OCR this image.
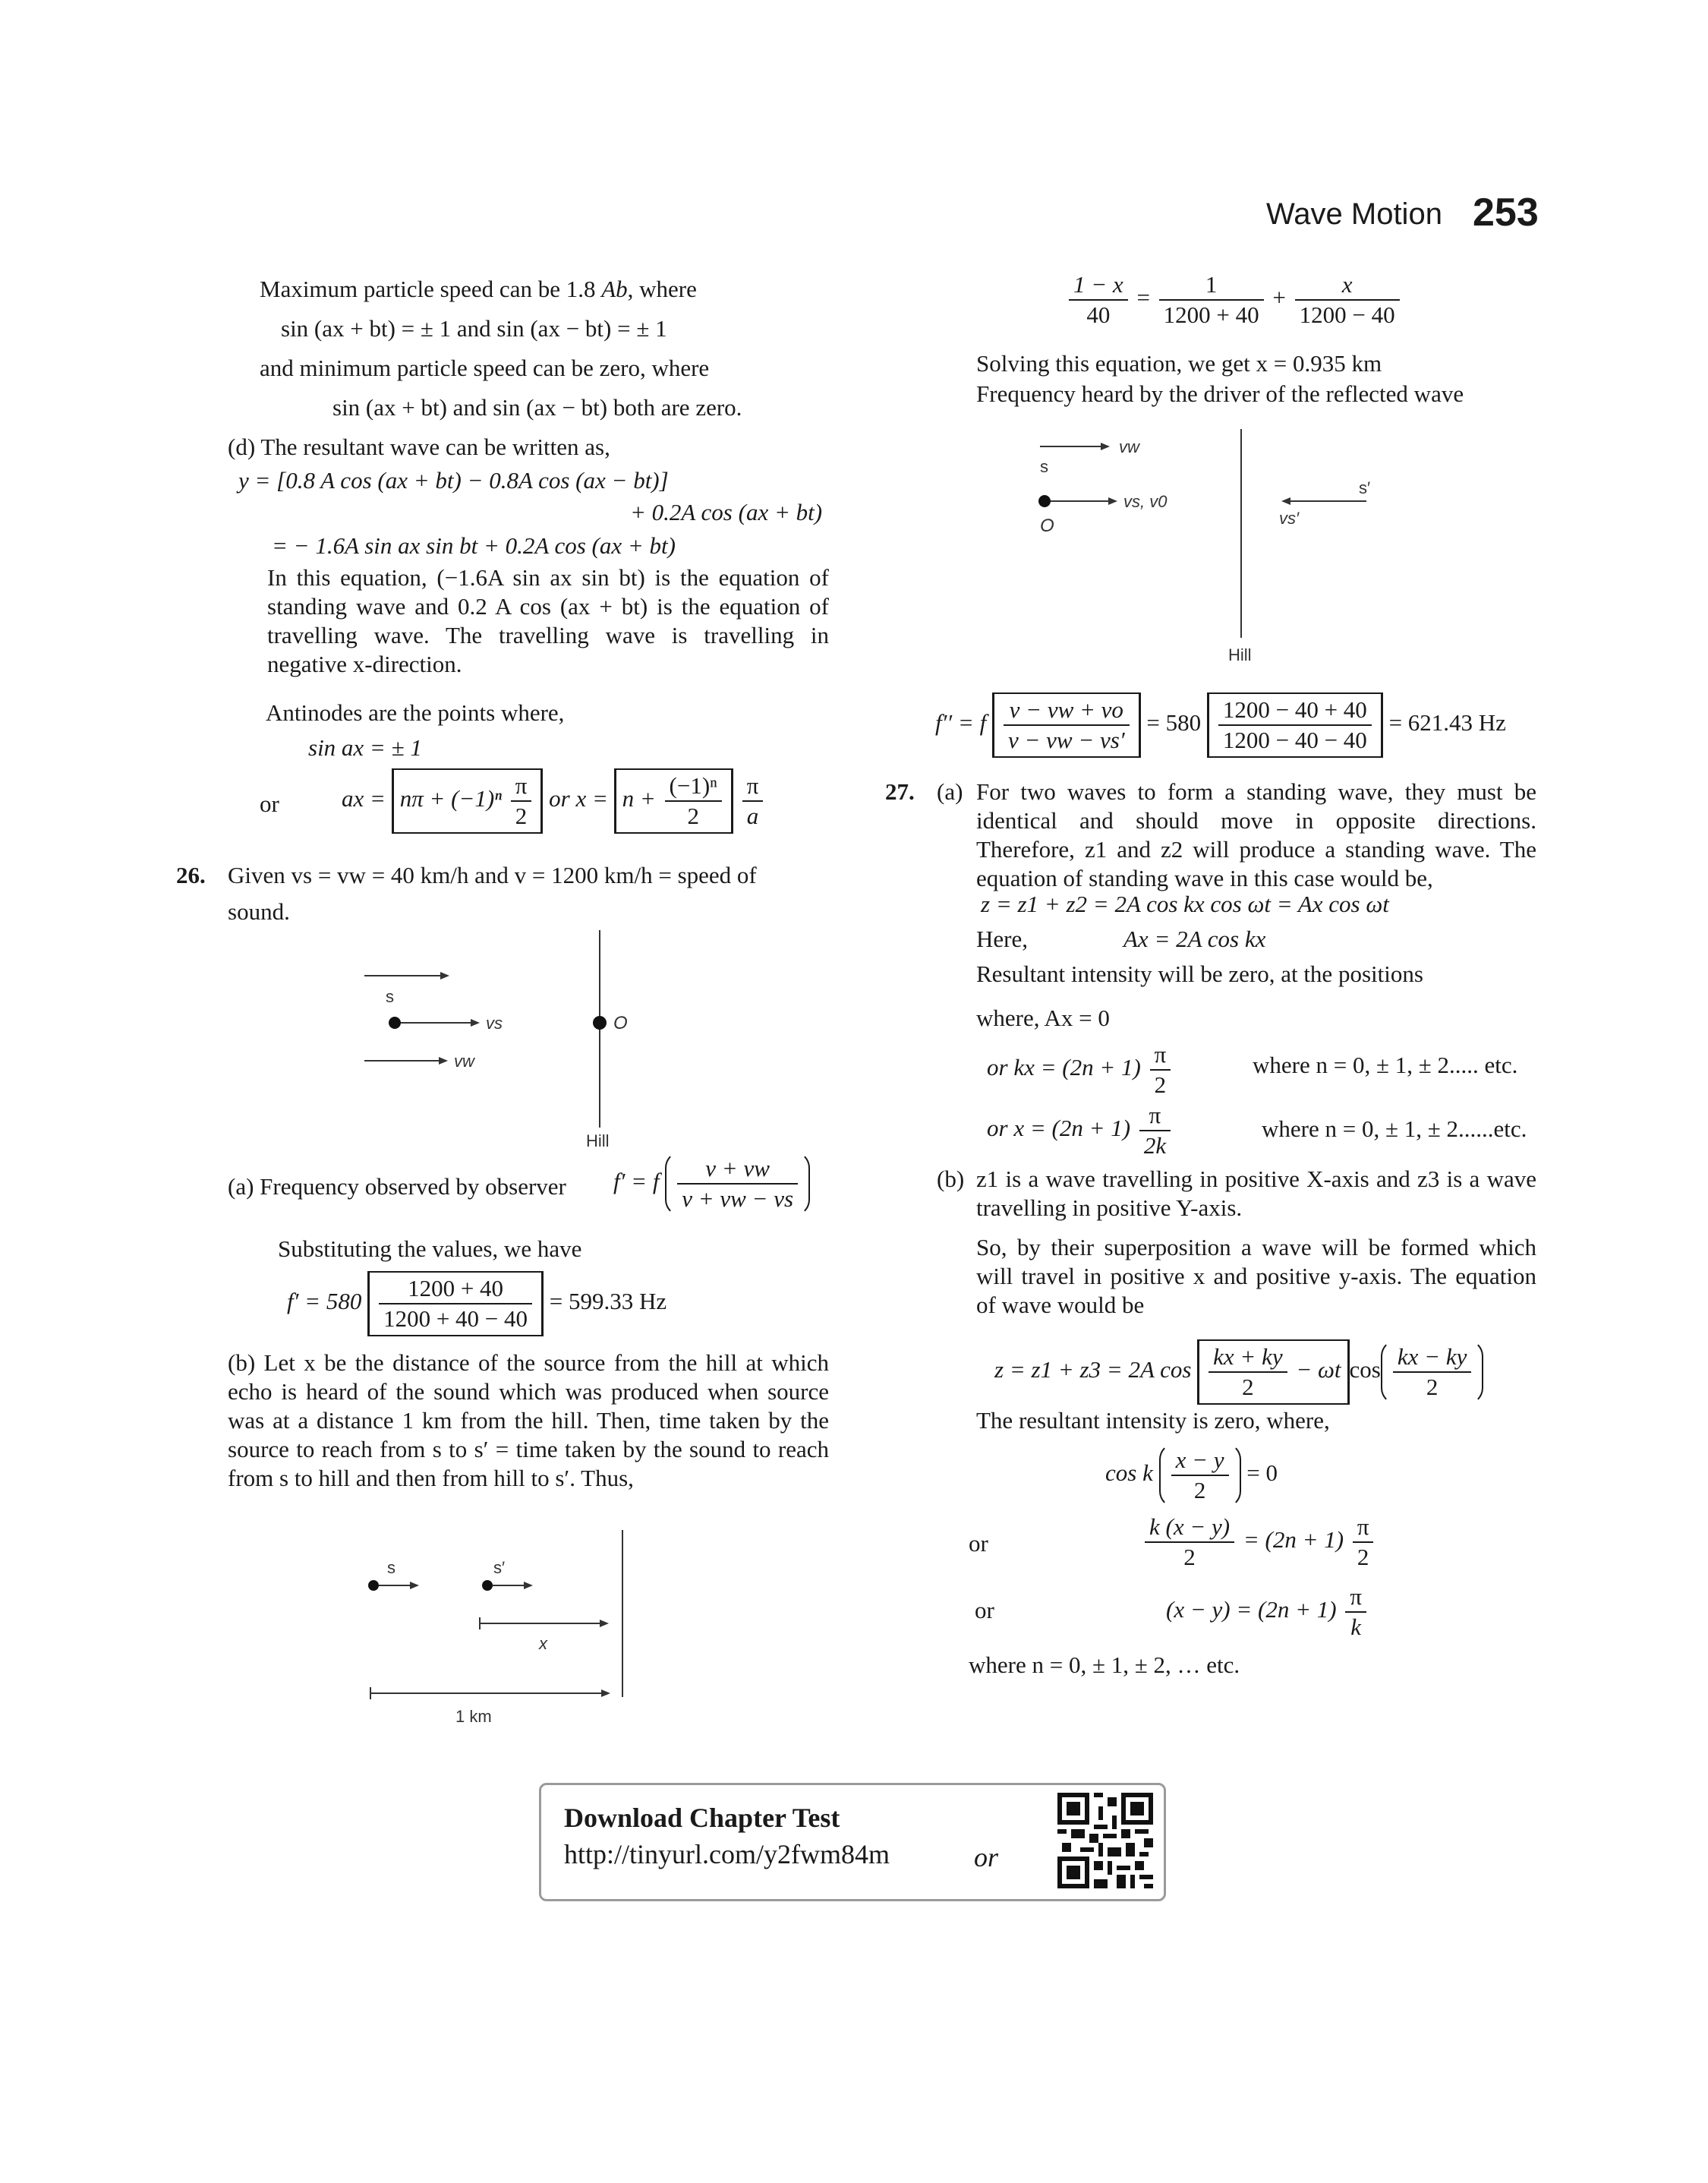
Wave Motion 253
Maximum particle speed can be 1.8 Ab, where
sin (ax + bt) = ± 1 and sin (ax − bt) = ± 1
and minimum particle speed can be zero, where
sin (ax + bt) and sin (ax − bt) both are zero.
(d) The resultant wave can be written as,
y = [0.8 A cos (ax + bt) − 0.8A cos (ax − bt)]
+ 0.2A cos (ax + bt)
= − 1.6A sin ax sin bt + 0.2A cos (ax + bt)
In this equation, (−1.6A sin ax sin bt) is the equation of standing wave and 0.2 A cos (ax + bt) is the equation of travelling wave. The travelling wave is travelling in negative x-direction.
Antinodes are the points where,
sin ax = ± 1
or	ax = $n\pi + (-1)^n \frac{\pi}{2}$ or $x = n + \frac{\text{(−1)ⁿ}}{2}$
$\frac{\pi}{a}$
26. Given vs = vw = 40 km/h and v = 1200 km/h = speed of
sound.
s
vs
vw
O
Hill
(a) Frequency observed by observer f′ = f $\frac{v + vw}{v + vw - vs}$
Substituting the values, we have
$f' = 580 \frac{1200 + 40}{1200 + 40 - 40} = 599.33$ Hz
(b) Let x be the distance of the source from the hill at which echo is heard of the sound which was produced when source was at a distance 1 km from the hill. Then, time taken by the source to reach from s to s′ = time taken by the sound to reach from s to hill and then from hill to s′. Thus,
s	s′
x
1 km
$\frac{1 - x}{40} = \frac{1}{1200 + 40} + \frac{x}{1200 - 40}$
Solving this equation, we get x = 0.935 km
Frequency heard by the driver of the reflected wave
vw
s
vs, v0
O
s′
vs′
Hill
f′′ = f $\frac{v - vw + vo}{v - vw - vs'} = 580 \frac{1200 - 40 + 40}{1200 - 40 - 40} = 621.43$ Hz
27. (a) For two waves to form a standing wave, they must be identical and should move in opposite directions. Therefore, z1 and z2 will produce a standing wave. The equation of standing wave in this case would be,
z = z1 + z2 = 2A cos kx cos ωt = Ax cos ωt
Here,	Ax = 2A cos kx
Resultant intensity will be zero, at the positions
where, Ax = 0
or kx = $(2n + 1) \frac{\pi}{2}$	where n = 0, ± 1, ± 2..... etc.
or $x = (2n + 1) \frac{\pi}{2k}$	where n = 0, ± 1, ± 2......etc.
(b) z1 is a wave travelling in positive X-axis and z3 is a wave travelling in positive Y-axis.
So, by their superposition a wave will be formed which will travel in positive x and positive y-axis. The equation of wave would be
z = z1 + z3 = 2A $\cos \frac{kx + ky}{2} - \omega t$ $\cos \frac{kx - ky}{2}$
The resultant intensity is zero, where,
cos k $\frac{x - y}{2} = 0$
or	$\frac{k (x - y)}{2} = (2n + 1) \frac{\pi}{2}$
or	$(x - y) = (2n + 1) \frac{\pi}{k}$
where n = 0, ± 1, ± 2, … etc.
Download Chapter Test
http://tinyurl.com/y2fwm84m	or
